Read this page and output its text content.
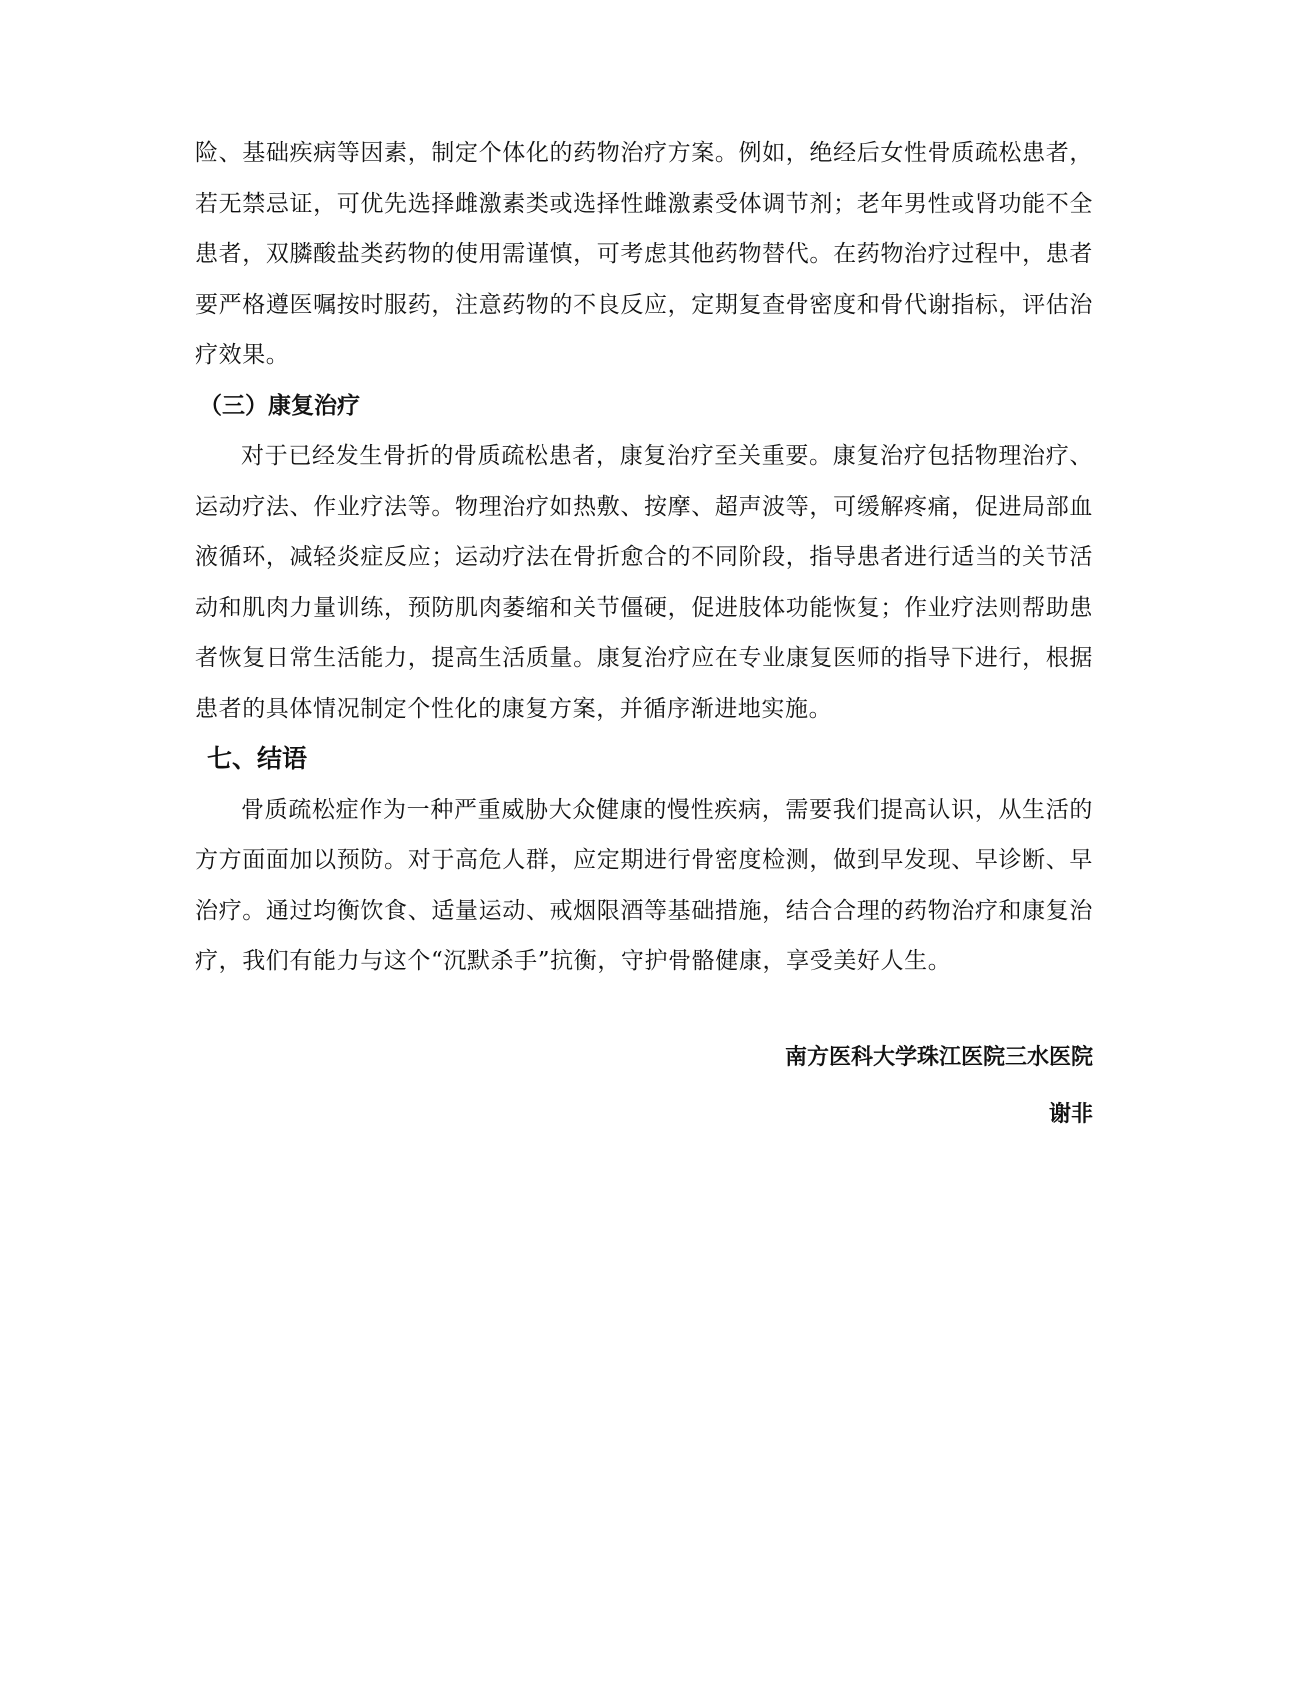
险、基础疾病等因素，制定个体化的药物治疗方案。例如，绝经后女性骨质疏松患者，
若无禁忌证，可优先选择雌激素类或选择性雌激素受体调节剂；老年男性或肾功能不全
患者，双膦酸盐类药物的使用需谨慎，可考虑其他药物替代。在药物治疗过程中，患者
要严格遵医嘱按时服药，注意药物的不良反应，定期复查骨密度和骨代谢指标，评估治
疗效果。
（三）康复治疗
对于已经发生骨折的骨质疏松患者，康复治疗至关重要。康复治疗包括物理治疗、
运动疗法、作业疗法等。物理治疗如热敷、按摩、超声波等，可缓解疼痛，促进局部血
液循环，减轻炎症反应；运动疗法在骨折愈合的不同阶段，指导患者进行适当的关节活
动和肌肉力量训练，预防肌肉萎缩和关节僵硬，促进肢体功能恢复；作业疗法则帮助患
者恢复日常生活能力，提高生活质量。康复治疗应在专业康复医师的指导下进行，根据
患者的具体情况制定个性化的康复方案，并循序渐进地实施。
七、结语
骨质疏松症作为一种严重威胁大众健康的慢性疾病，需要我们提高认识，从生活的
方方面面加以预防。对于高危人群，应定期进行骨密度检测，做到早发现、早诊断、早
治疗。通过均衡饮食、适量运动、戒烟限酒等基础措施，结合合理的药物治疗和康复治
疗，我们有能力与这个“沉默杀手”抗衡，守护骨骼健康，享受美好人生。
南方医科大学珠江医院三水医院
谢非
